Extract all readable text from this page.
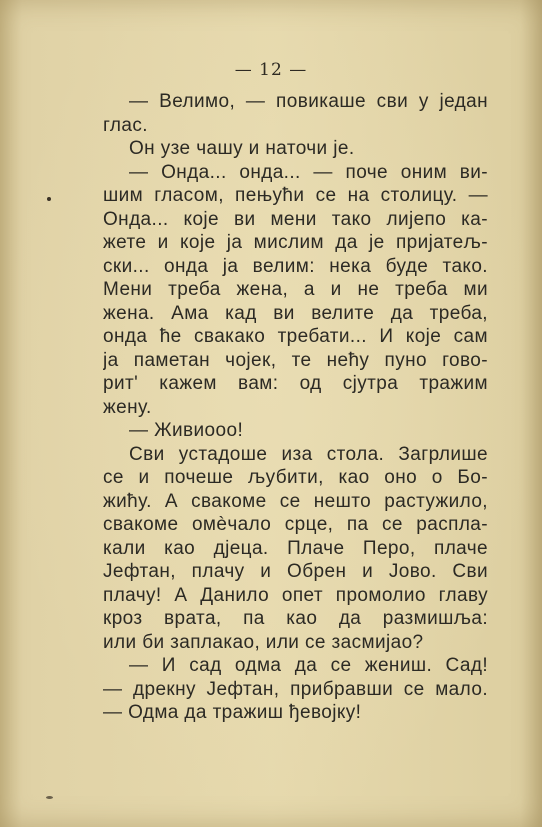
— 12 —
— Велимо, — повикаше сви у један
глас.
Он узе чашу и наточи је.
— Онда... онда... — поче оним ви-
шим гласом, пењући се на столицу. —
Онда... које ви мени тако лијепо ка-
жете и које ја мислим да је пријатељ-
ски... онда ја велим: нека буде тако.
Мени треба жена, а и не треба ми
жена. Ама кад ви велите да треба,
онда ће свакако требати... И које сам
ја паметан чојек, те нећу пуно гово-
рит' кажем вам: од сјутра тражим
жену.
— Живиооо!
Сви устадоше иза стола. Загрлише
се и почеше љубити, као оно о Бо-
жићу. А свакоме се нешто растужило,
свакоме омèчало срце, па се распла-
кали као дјеца. Плаче Перо, плаче
Јефтан, плачу и Обрен и Јово. Сви
плачу! А Данило опет промолио главу
кроз врата, па као да размишља:
или би заплакао, или се засмијао?
— И сад одма да се жениш. Сад!
— дрекну Јефтан, прибравши се мало.
— Одма да тражиш ђевојку!
